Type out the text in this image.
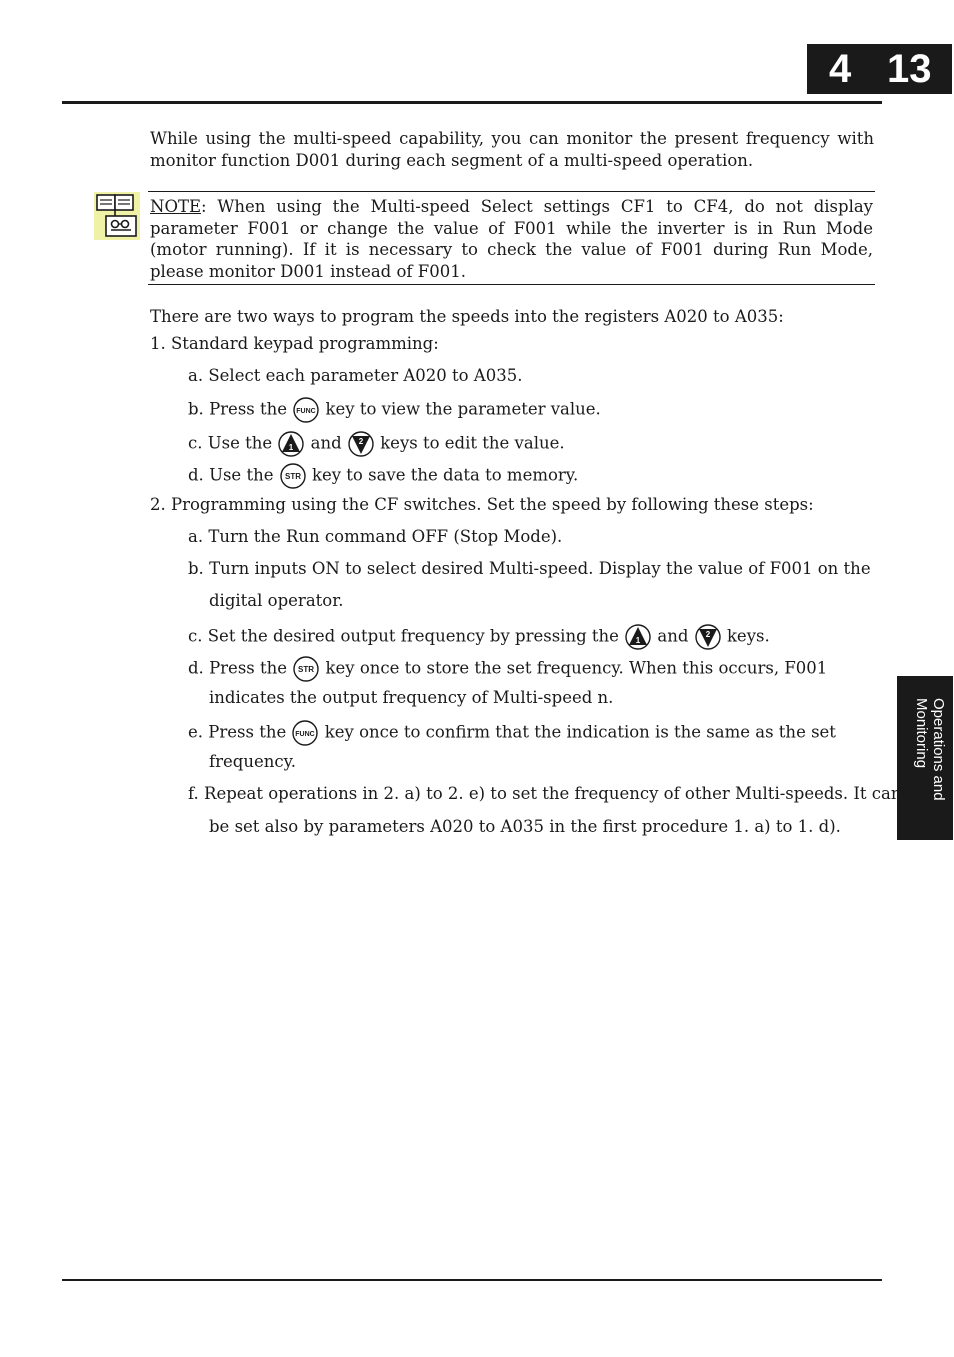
4 13
Operations and Monitoring
While using the multi-speed capability, you can monitor the present frequency with monitor function D001 during each segment of a multi-speed operation.
NOTE: When using the Multi-speed Select settings CF1 to CF4, do not display parameter F001 or change the value of F001 while the inverter is in Run Mode (motor running). If it is necessary to check the value of F001 during Run Mode, please monitor D001 instead of F001.
There are two ways to program the speeds into the registers A020 to A035:
1. Standard keypad programming:
a. Select each parameter A020 to A035.
b. Press the FUNC key to view the parameter value.
c. Use the 1 and 2 keys to edit the value.
d. Use the STR key to save the data to memory.
2. Programming using the CF switches. Set the speed by following these steps:
a. Turn the Run command OFF (Stop Mode).
b. Turn inputs ON to select desired Multi-speed. Display the value of F001 on the
digital operator.
c. Set the desired output frequency by pressing the 1 and 2 keys.
d. Press the STR key once to store the set frequency. When this occurs, F001
indicates the output frequency of Multi-speed n.
e. Press the FUNC key once to confirm that the indication is the same as the set
frequency.
f. Repeat operations in 2. a) to 2. e) to set the frequency of other Multi-speeds. It can
be set also by parameters A020 to A035 in the first procedure 1. a) to 1. d).
